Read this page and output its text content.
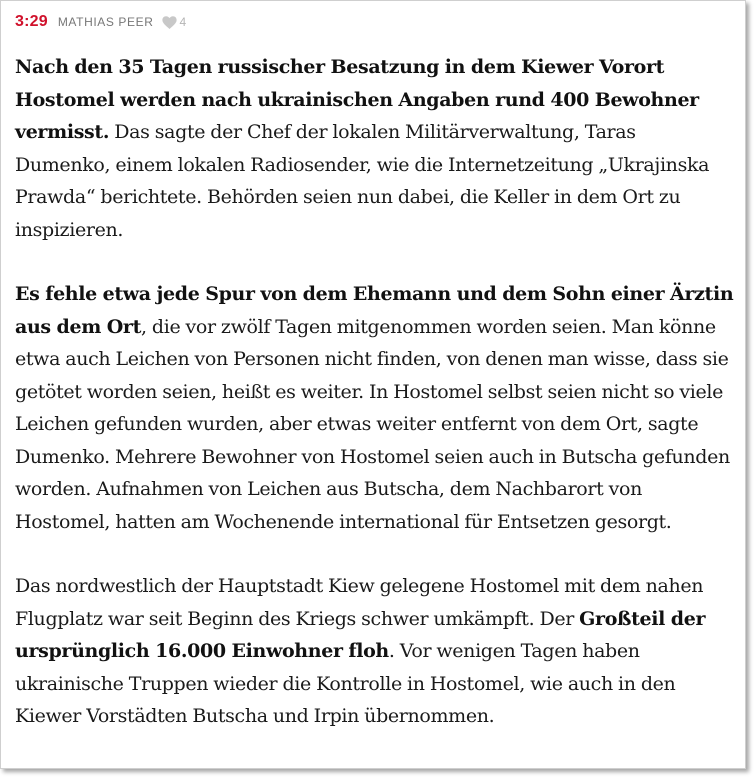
3:29 MATHIAS PEER 4

Nach den 35 Tagen russischer Besatzung in dem Kiewer Vorort Hostomel werden nach ukrainischen Angaben rund 400 Bewohner vermisst. Das sagte der Chef der lokalen Militärverwaltung, Taras Dumenko, einem lokalen Radiosender, wie die Internetzeitung „Ukrajinska Prawda“ berichtete. Behörden seien nun dabei, die Keller in dem Ort zu inspizieren.

Es fehle etwa jede Spur von dem Ehemann und dem Sohn einer Ärztin aus dem Ort, die vor zwölf Tagen mitgenommen worden seien. Man könne etwa auch Leichen von Personen nicht finden, von denen man wisse, dass sie getötet worden seien, heißt es weiter. In Hostomel selbst seien nicht so viele Leichen gefunden wurden, aber etwas weiter entfernt von dem Ort, sagte Dumenko. Mehrere Bewohner von Hostomel seien auch in Butscha gefunden worden. Aufnahmen von Leichen aus Butscha, dem Nachbarort von Hostomel, hatten am Wochenende international für Entsetzen gesorgt.

Das nordwestlich der Hauptstadt Kiew gelegene Hostomel mit dem nahen Flugplatz war seit Beginn des Kriegs schwer umkämpft. Der Großteil der ursprünglich 16.000 Einwohner floh. Vor wenigen Tagen haben ukrainische Truppen wieder die Kontrolle in Hostomel, wie auch in den Kiewer Vorstädten Butscha und Irpin übernommen.
